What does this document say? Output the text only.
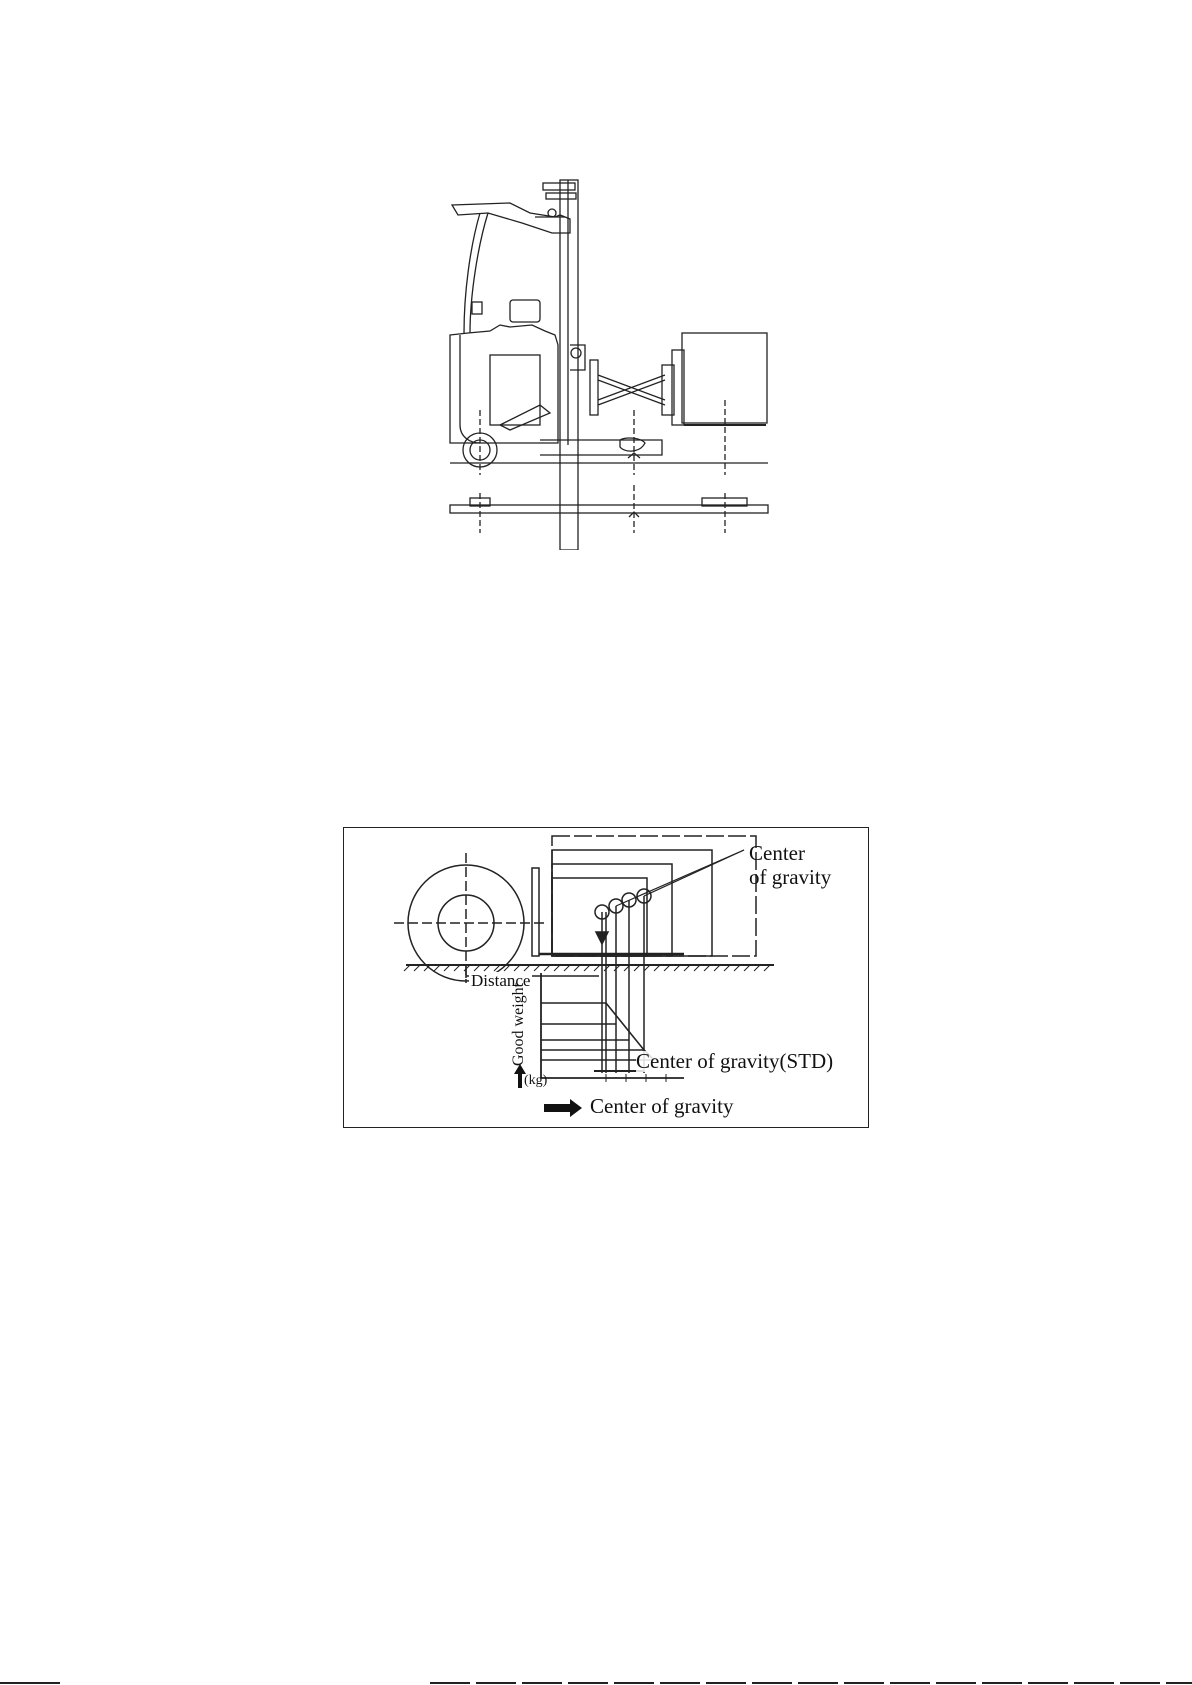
Center
of gravity
Distance
Good weight
(kg)
Center of gravity(STD)
Center of gravity
